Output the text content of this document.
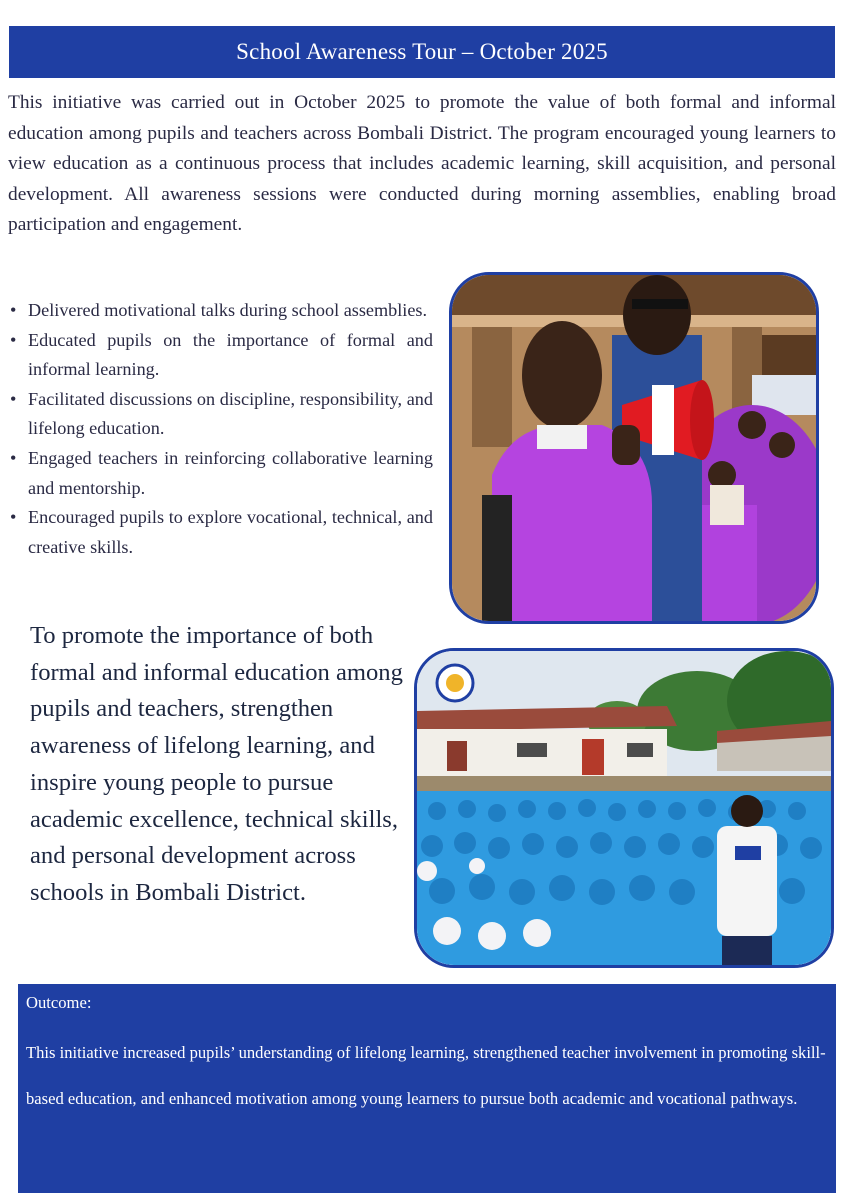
School Awareness Tour – October 2025

This initiative was carried out in October 2025 to promote the value of both formal and informal education among pupils and teachers across Bombali District. The program encouraged young learners to view education as a continuous process that includes academic learning, skill acquisition, and personal development. All awareness sessions were conducted during morning assemblies, enabling broad participation and engagement.

• Delivered motivational talks during school assemblies.
• Educated pupils on the importance of formal and informal learning.
• Facilitated discussions on discipline, responsibility, and lifelong education.
• Engaged teachers in reinforcing collaborative learning and mentorship.
• Encouraged pupils to explore vocational, technical, and creative skills.

To promote the importance of both formal and informal education among pupils and teachers, strengthen awareness of lifelong learning, and inspire young people to pursue academic excellence, technical skills, and personal development across schools in Bombali District.

Outcome:

This initiative increased pupils’ understanding of lifelong learning, strengthened teacher involvement in promoting skill-based education, and enhanced motivation among young learners to pursue both academic and vocational pathways.
